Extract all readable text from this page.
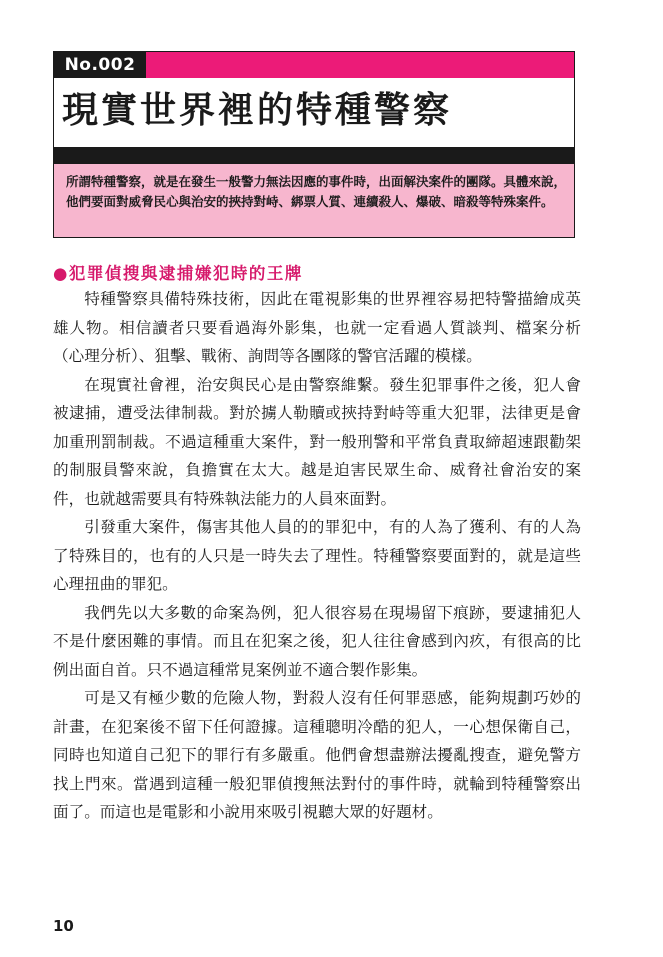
No.002
現實世界裡的特種警察
所謂特種警察，就是在發生一般警力無法因應的事件時，出面解決案件的團隊。具體來說，他們要面對威脅民心與治安的挾持對峙、綁票人質、連續殺人、爆破、暗殺等特殊案件。
●犯罪偵搜與逮捕嫌犯時的王牌

特種警察具備特殊技術，因此在電視影集的世界裡容易把特警描繪成英雄人物。相信讀者只要看過海外影集，也就一定看過人質談判、檔案分析（心理分析）、狙擊、戰術、詢問等各團隊的警官活躍的模樣。

在現實社會裡，治安與民心是由警察維繫。發生犯罪事件之後，犯人會被逮捕，遭受法律制裁。對於擄人勒贖或挾持對峙等重大犯罪，法律更是會加重刑罰制裁。不過這種重大案件，對一般刑警和平常負責取締超速跟勸架的制服員警來說，負擔實在太大。越是迫害民眾生命、威脅社會治安的案件，也就越需要具有特殊執法能力的人員來面對。

引發重大案件，傷害其他人員的的罪犯中，有的人為了獲利、有的人為了特殊目的，也有的人只是一時失去了理性。特種警察要面對的，就是這些心理扭曲的罪犯。

我們先以大多數的命案為例，犯人很容易在現場留下痕跡，要逮捕犯人不是什麼困難的事情。而且在犯案之後，犯人往往會感到內疚，有很高的比例出面自首。只不過這種常見案例並不適合製作影集。

可是又有極少數的危險人物，對殺人沒有任何罪惡感，能夠規劃巧妙的計畫，在犯案後不留下任何證據。這種聰明冷酷的犯人，一心想保衛自己，同時也知道自己犯下的罪行有多嚴重。他們會想盡辦法擾亂搜查，避免警方找上門來。當遇到這種一般犯罪偵搜無法對付的事件時，就輪到特種警察出面了。而這也是電影和小說用來吸引視聽大眾的好題材。

10
